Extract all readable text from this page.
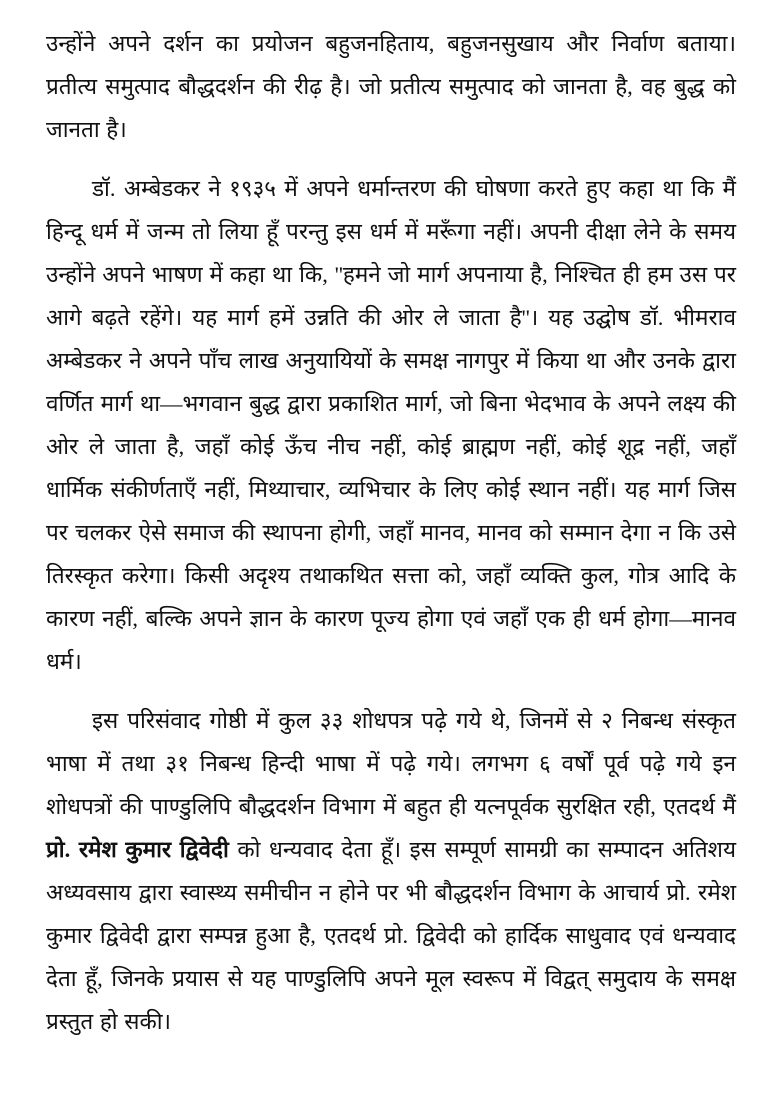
उन्होंने अपने दर्शन का प्रयोजन बहुजनहिताय, बहुजनसुखाय और निर्वाण बताया। प्रतीत्य समुत्पाद बौद्धदर्शन की रीढ़ है। जो प्रतीत्य समुत्पाद को जानता है, वह बुद्ध को जानता है।
डॉ. अम्बेडकर ने १९३५ में अपने धर्मान्तरण की घोषणा करते हुए कहा था कि मैं हिन्दू धर्म में जन्म तो लिया हूँ परन्तु इस धर्म में मरूँगा नहीं। अपनी दीक्षा लेने के समय उन्होंने अपने भाषण में कहा था कि, ''हमने जो मार्ग अपनाया है, निश्चित ही हम उस पर आगे बढ़ते रहेंगे। यह मार्ग हमें उन्नति की ओर ले जाता है''। यह उद्घोष डॉ. भीमराव अम्बेडकर ने अपने पाँच लाख अनुयायियों के समक्ष नागपुर में किया था और उनके द्वारा वर्णित मार्ग था—भगवान बुद्ध द्वारा प्रकाशित मार्ग, जो बिना भेदभाव के अपने लक्ष्य की ओर ले जाता है, जहाँ कोई ऊँच नीच नहीं, कोई ब्राह्मण नहीं, कोई शूद्र नहीं, जहाँ धार्मिक संकीर्णताएँ नहीं, मिथ्याचार, व्यभिचार के लिए कोई स्थान नहीं। यह मार्ग जिस पर चलकर ऐसे समाज की स्थापना होगी, जहाँ मानव, मानव को सम्मान देगा न कि उसे तिरस्कृत करेगा। किसी अदृश्य तथाकथित सत्ता को, जहाँ व्यक्ति कुल, गोत्र आदि के कारण नहीं, बल्कि अपने ज्ञान के कारण पूज्य होगा एवं जहाँ एक ही धर्म होगा—मानव धर्म।
इस परिसंवाद गोष्ठी में कुल ३३ शोधपत्र पढ़े गये थे, जिनमें से २ निबन्ध संस्कृत भाषा में तथा ३१ निबन्ध हिन्दी भाषा में पढ़े गये। लगभग ६ वर्षों पूर्व पढ़े गये इन शोधपत्रों की पाण्डुलिपि बौद्धदर्शन विभाग में बहुत ही यत्नपूर्वक सुरक्षित रही, एतदर्थ मैं प्रो. रमेश कुमार द्विवेदी को धन्यवाद देता हूँ। इस सम्पूर्ण सामग्री का सम्पादन अतिशय अध्यवसाय द्वारा स्वास्थ्य समीचीन न होने पर भी बौद्धदर्शन विभाग के आचार्य प्रो. रमेश कुमार द्विवेदी द्वारा सम्पन्न हुआ है, एतदर्थ प्रो. द्विवेदी को हार्दिक साधुवाद एवं धन्यवाद देता हूँ, जिनके प्रयास से यह पाण्डुलिपि अपने मूल स्वरूप में विद्वत् समुदाय के समक्ष प्रस्तुत हो सकी।
